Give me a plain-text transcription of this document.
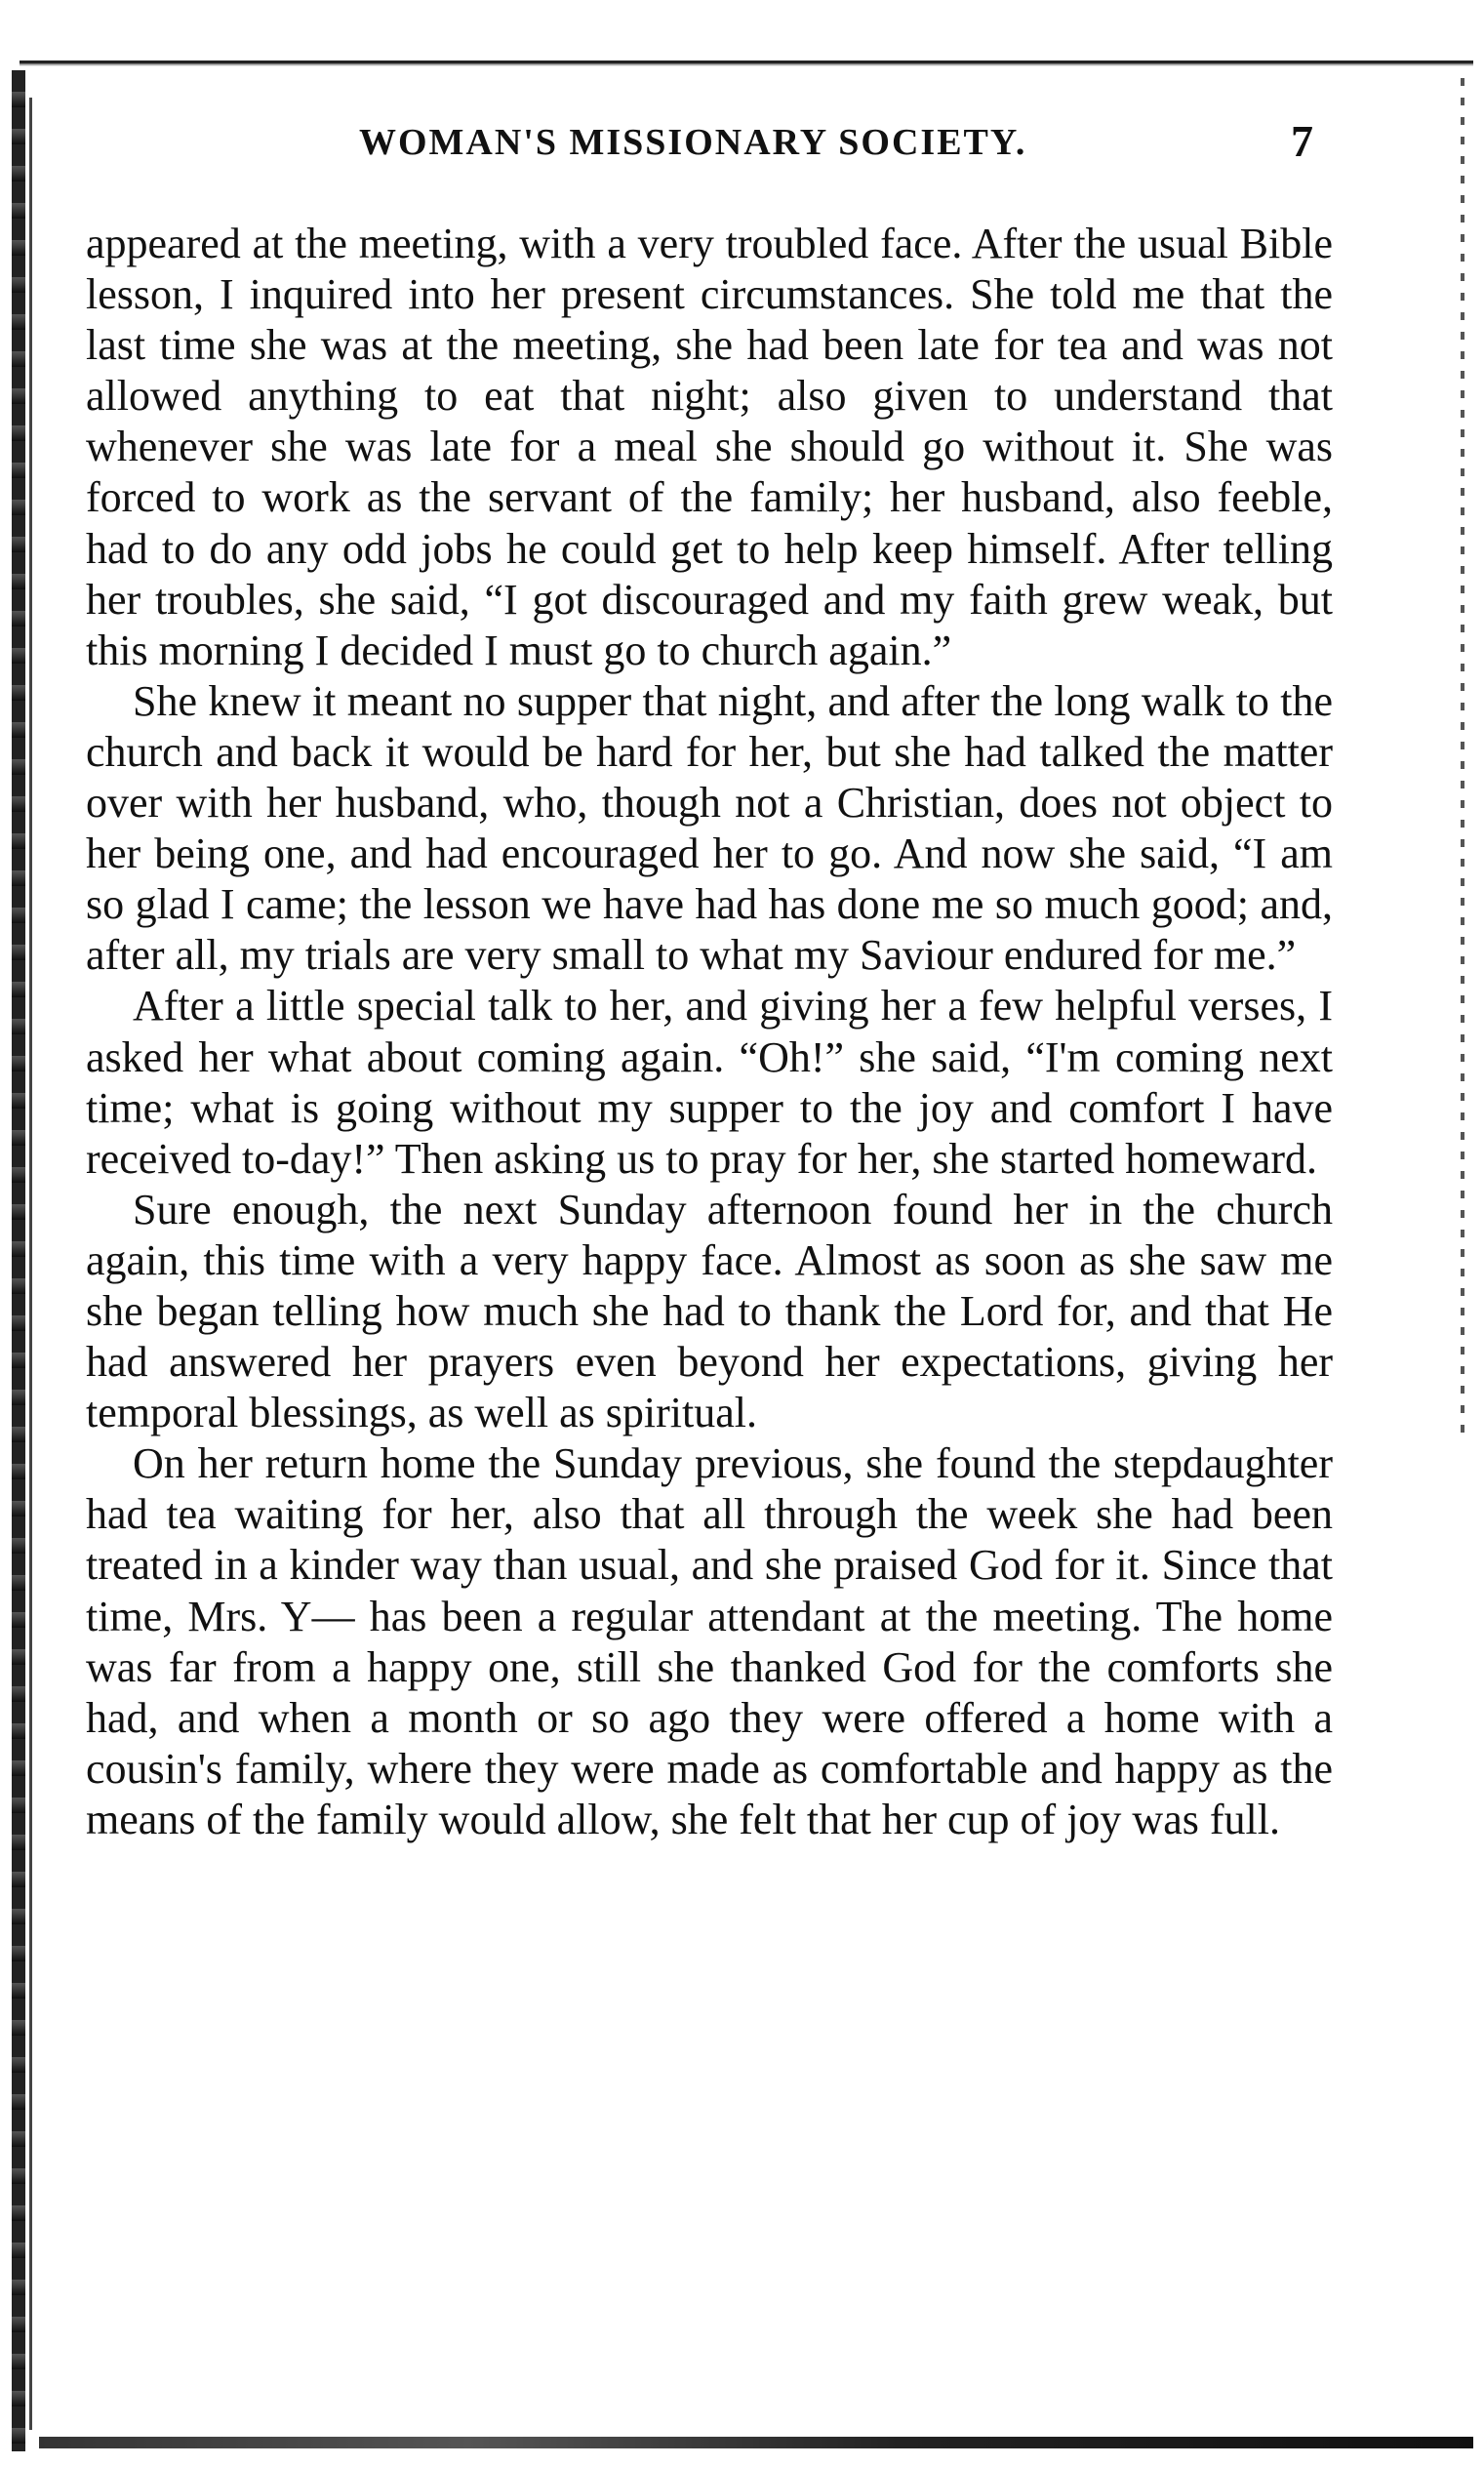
WOMAN'S MISSIONARY SOCIETY.	7

appeared at the meeting, with a very troubled face. After the usual Bible lesson, I inquired into her present circumstances. She told me that the last time she was at the meeting, she had been late for tea and was not allowed anything to eat that night; also given to understand that whenever she was late for a meal she should go without it. She was forced to work as the servant of the family; her husband, also feeble, had to do any odd jobs he could get to help keep himself. After telling her troubles, she said, “I got discouraged and my faith grew weak, but this morning I decided I must go to church again.”

She knew it meant no supper that night, and after the long walk to the church and back it would be hard for her, but she had talked the matter over with her husband, who, though not a Christian, does not object to her being one, and had encouraged her to go. And now she said, “I am so glad I came; the lesson we have had has done me so much good; and, after all, my trials are very small to what my Saviour endured for me.”

After a little special talk to her, and giving her a few helpful verses, I asked her what about coming again. “Oh!” she said, “I'm coming next time; what is going without my supper to the joy and comfort I have received to-day!” Then asking us to pray for her, she started homeward.

Sure enough, the next Sunday afternoon found her in the church again, this time with a very happy face. Almost as soon as she saw me she began telling how much she had to thank the Lord for, and that He had answered her prayers even beyond her expectations, giving her temporal blessings, as well as spiritual.

On her return home the Sunday previous, she found the stepdaughter had tea waiting for her, also that all through the week she had been treated in a kinder way than usual, and she praised God for it. Since that time, Mrs. Y— has been a regular attendant at the meeting. The home was far from a happy one, still she thanked God for the comforts she had, and when a month or so ago they were offered a home with a cousin's family, where they were made as comfortable and happy as the means of the family would allow, she felt that her cup of joy was full.
